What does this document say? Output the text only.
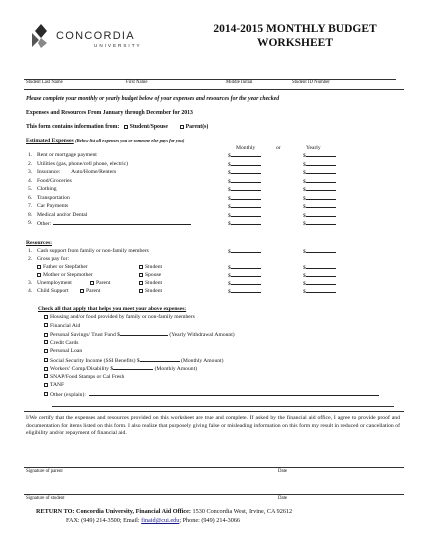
CONCORDIA
UNIVERSITY
2014-2015 MONTHLY BUDGET
WORKSHEET
Student Last Name	First Name	Middle Initial	Student ID Number
Please complete your monthly or yearly budget below of your expenses and resources for the year checked
Expenses and Resources From January through December for 2013
This form contains information from: Student/Spouse	Parent(s)
Estimated Expenses (Below list all expenses you or someone else pays for you)
Monthly	or	Yearly
1. Rent or mortgage payment	$	$
2. Utilities (gas, phone/cell phone, electric)	$	$
3. Insurance:        Auto/Home/Renters	$	$
4. Food/Groceries	$	$
5. Clothing	$	$
6. Transportation	$	$
7. Car Payments	$	$
8. Medical and/or Dental	$	$
9. Other:	$	$
Resources:
1. Cash support from family or non-family members	$	$
2. Gross pay for:
Father or Stepfather	Student	$	$
Mother or Stepmother	Spouse	$	$
3. Unemployment	Parent	Student	$	$
4. Child Support	Parent	Student	$	$
Check all that apply that helps you meet your above expenses:
Housing and/or food provided by family or non-family members
Financial Aid
Personal Savings/ Trust Fund $	(Yearly Withdrawal Amount)
Credit Cards
Personal Loan
Social Security Income (SSI Benefits) $	(Monthly Amount)
Workers’ Comp/Disability $	(Monthly Amount)
SNAP/Food Stamps or Cal Fresh
TANF
Other (explain):
I/We certify that the expenses and resources provided on this worksheet are true and complete. If asked by the financial aid office, I agree to provide proof and documentation for items listed on this form. I also realize that purposely giving false or misleading information on this form my result in reduced or cancellation of eligibility and/or repayment of financial aid.
Signature of parent	Date
Signature of student	Date
RETURN TO: Concordia University, Financial Aid Office: 1530 Concordia West, Irvine, CA 92612
FAX: (949) 214-3500; Email: finaid@cui.edu; Phone: (949) 214-3066
